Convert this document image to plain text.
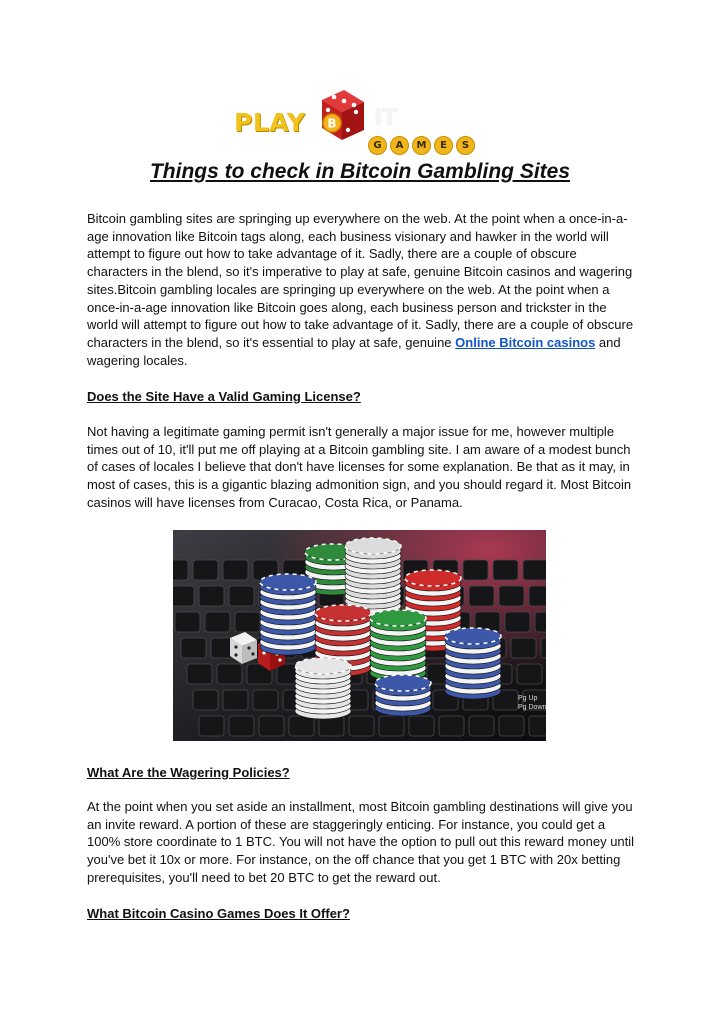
PLAY B IT
G	A	M	E	S
Things to check in Bitcoin Gambling Sites
Bitcoin gambling sites are springing up everywhere on the web. At the point when a once-in-a-age innovation like Bitcoin tags along, each business visionary and hawker in the world will attempt to figure out how to take advantage of it. Sadly, there are a couple of obscure characters in the blend, so it's imperative to play at safe, genuine Bitcoin casinos and wagering sites.Bitcoin gambling locales are springing up everywhere on the web. At the point when a once-in-a-age innovation like Bitcoin goes along, each business person and trickster in the world will attempt to figure out how to take advantage of it. Sadly, there are a couple of obscure characters in the blend, so it's essential to play at safe, genuine Online Bitcoin casinos and wagering locales.
Does the Site Have a Valid Gaming License?
Not having a legitimate gaming permit isn't generally a major issue for me, however multiple times out of 10, it'll put me off playing at a Bitcoin gambling site. I am aware of a modest bunch of cases of locales I believe that don't have licenses for some explanation. Be that as it may, in most of cases, this is a gigantic blazing admonition sign, and you should regard it. Most Bitcoin casinos will have licenses from Curacao, Costa Rica, or Panama.
Pg Up
Pg Down
What Are the Wagering Policies?
At the point when you set aside an installment, most Bitcoin gambling destinations will give you an invite reward. A portion of these are staggeringly enticing. For instance, you could get a 100% store coordinate to 1 BTC. You will not have the option to pull out this reward money until you've bet it 10x or more. For instance, on the off chance that you get 1 BTC with 20x betting prerequisites, you'll need to bet 20 BTC to get the reward out.
What Bitcoin Casino Games Does It Offer?
